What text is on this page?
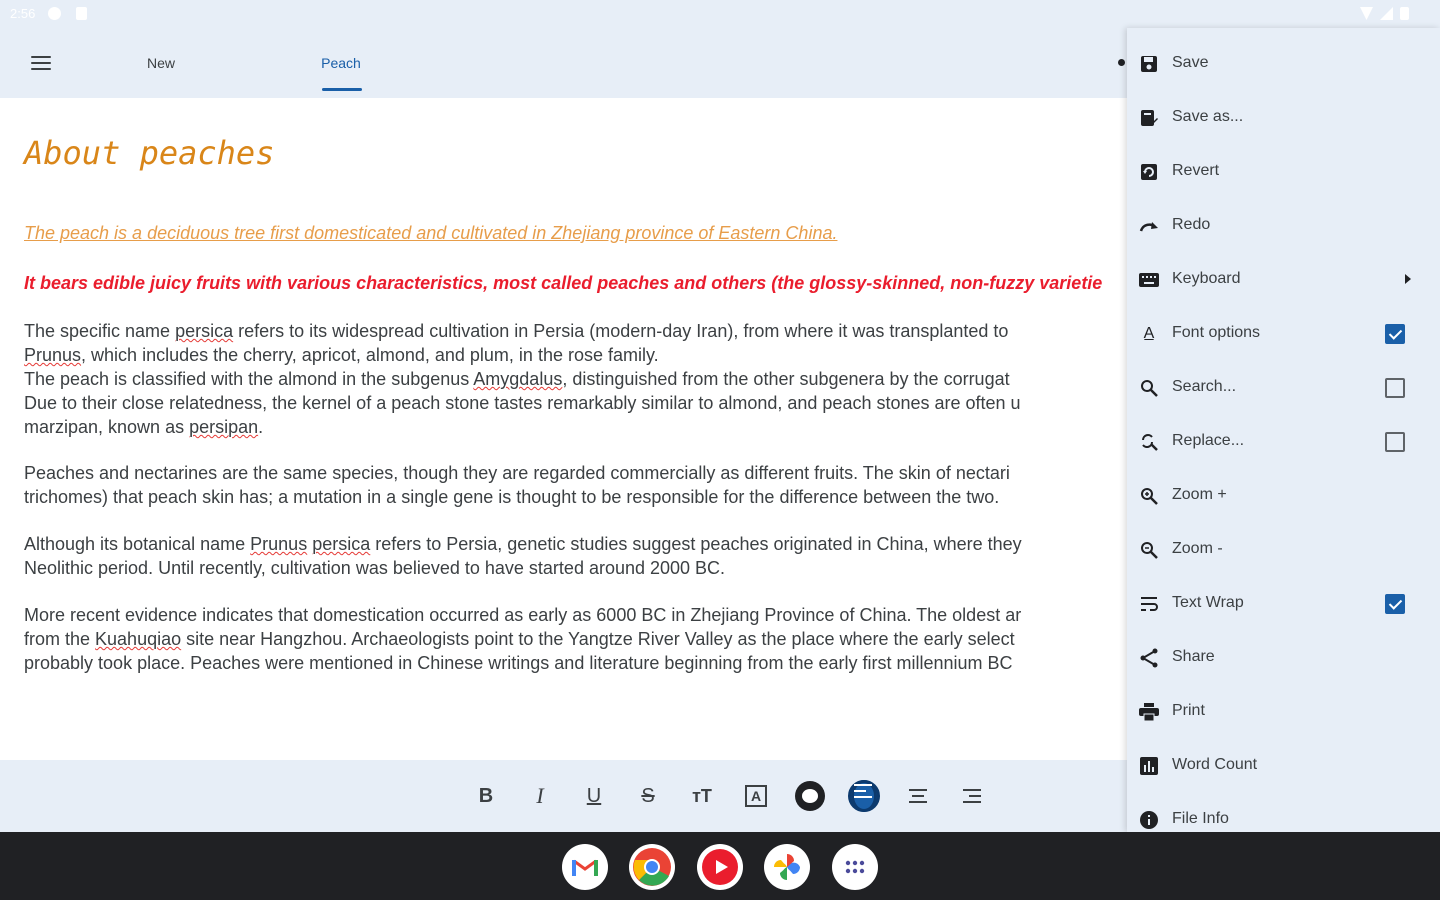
2:56
New	Peach
About peaches
The peach is a deciduous tree first domesticated and cultivated in Zhejiang province of Eastern China.
It bears edible juicy fruits with various characteristics, most called peaches and others (the glossy-skinned, non-fuzzy varietie
The specific name persica refers to its widespread cultivation in Persia (modern-day Iran), from where it was transplanted to
Prunus, which includes the cherry, apricot, almond, and plum, in the rose family.
The peach is classified with the almond in the subgenus Amygdalus, distinguished from the other subgenera by the corrugat
Due to their close relatedness, the kernel of a peach stone tastes remarkably similar to almond, and peach stones are often u
marzipan, known as persipan.
Peaches and nectarines are the same species, though they are regarded commercially as different fruits. The skin of nectari
trichomes) that peach skin has; a mutation in a single gene is thought to be responsible for the difference between the two.
Although its botanical name Prunus persica refers to Persia, genetic studies suggest peaches originated in China, where they
Neolithic period. Until recently, cultivation was believed to have started around 2000 BC.
More recent evidence indicates that domestication occurred as early as 6000 BC in Zhejiang Province of China. The oldest ar
from the Kuahuqiao site near Hangzhou. Archaeologists point to the Yangtze River Valley as the place where the early select
probably took place. Peaches were mentioned in Chinese writings and literature beginning from the early first millennium BC
B	I	U	S	тT	A
Save
Save as...
Revert
Redo
Keyboard
A̲ Font options
Search...
Replace...
Zoom +
Zoom -
Text Wrap
Share
Print
Word Count
File Info
